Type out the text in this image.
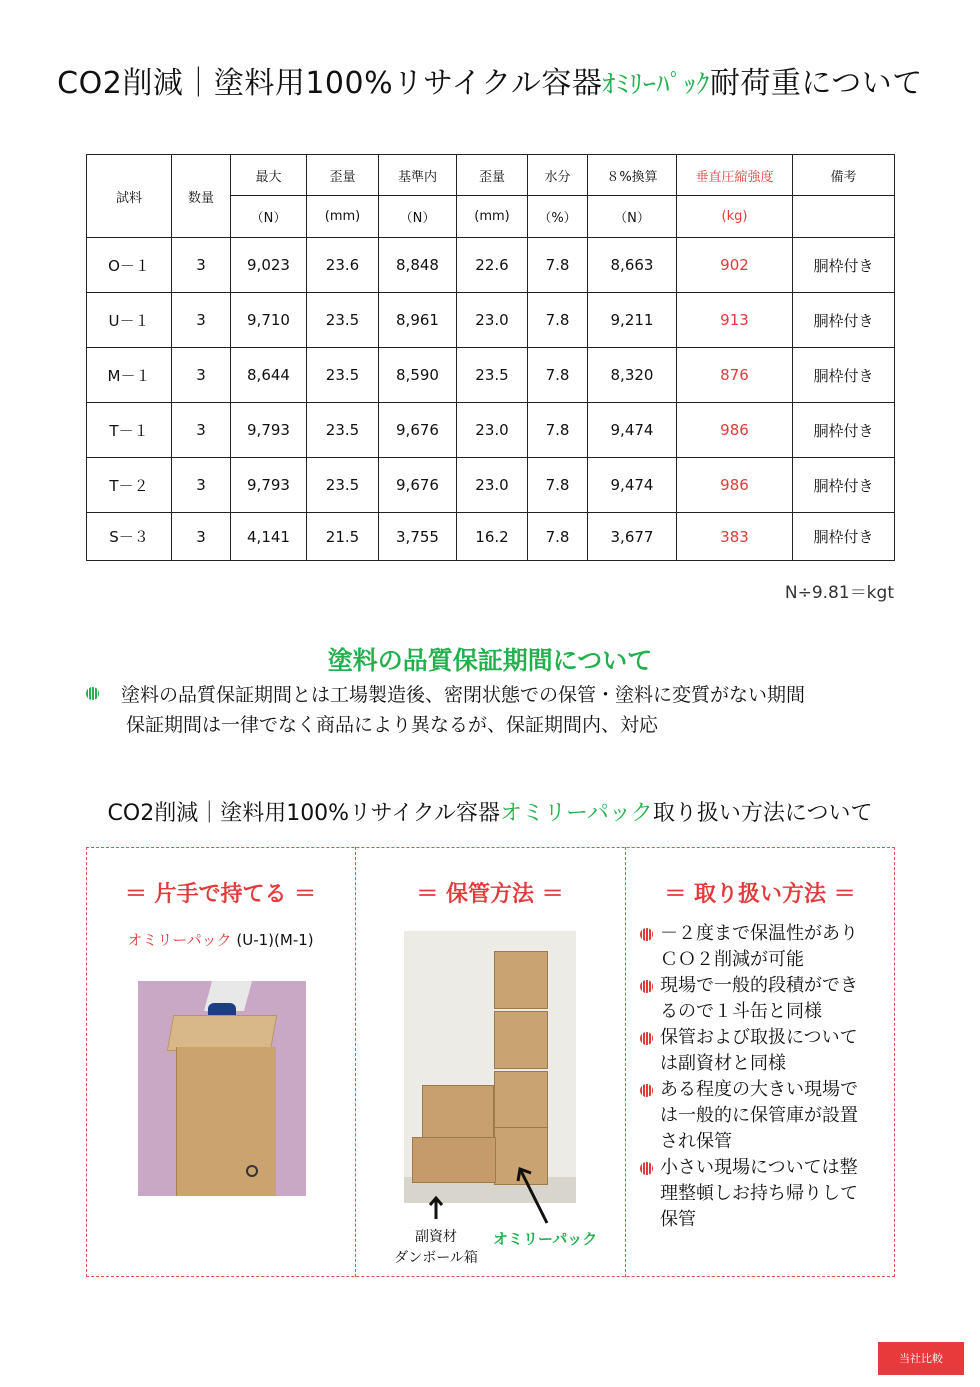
CO2削減｜塗料用100%リサイクル容器ｵﾐﾘｰﾊﾟｯｸ耐荷重について
試料	数量	最大	歪量	基準内	歪量	水分	８%換算	垂直圧縮強度	備考
		（N）	(mm)	（N）	(mm)	（%）	（N）	(kg)	
O－１	3	9,023	23.6	8,848	22.6	7.8	8,663	902	胴枠付き
U－１	3	9,710	23.5	8,961	23.0	7.8	9,211	913	胴枠付き
M－１	3	8,644	23.5	8,590	23.5	7.8	8,320	876	胴枠付き
T－１	3	9,793	23.5	9,676	23.0	7.8	9,474	986	胴枠付き
T－２	3	9,793	23.5	9,676	23.0	7.8	9,474	986	胴枠付き
S－３	3	4,141	21.5	3,755	16.2	7.8	3,677	383	胴枠付き
N÷9.81＝kgt
塗料の品質保証期間について
塗料の品質保証期間とは工場製造後、密閉状態での保管・塗料に変質がない期間
保証期間は一律でなく商品により異なるが、保証期間内、対応
CO2削減｜塗料用100%リサイクル容器オミリーパック取り扱い方法について
＝ 片手で持てる ＝
オミリーパック (U-1)(M-1)
＝ 保管方法 ＝
副資材
ダンボール箱
オミリーパック
＝ 取り扱い方法 ＝
－２度まで保温性があり ＣＯ２削減が可能
現場で一般的段積ができ るので１斗缶と同様
保管および取扱について は副資材と同様
ある程度の大きい現場で は一般的に保管庫が設置 され保管
小さい現場については整 理整頓しお持ち帰りして 保管
当社比較
